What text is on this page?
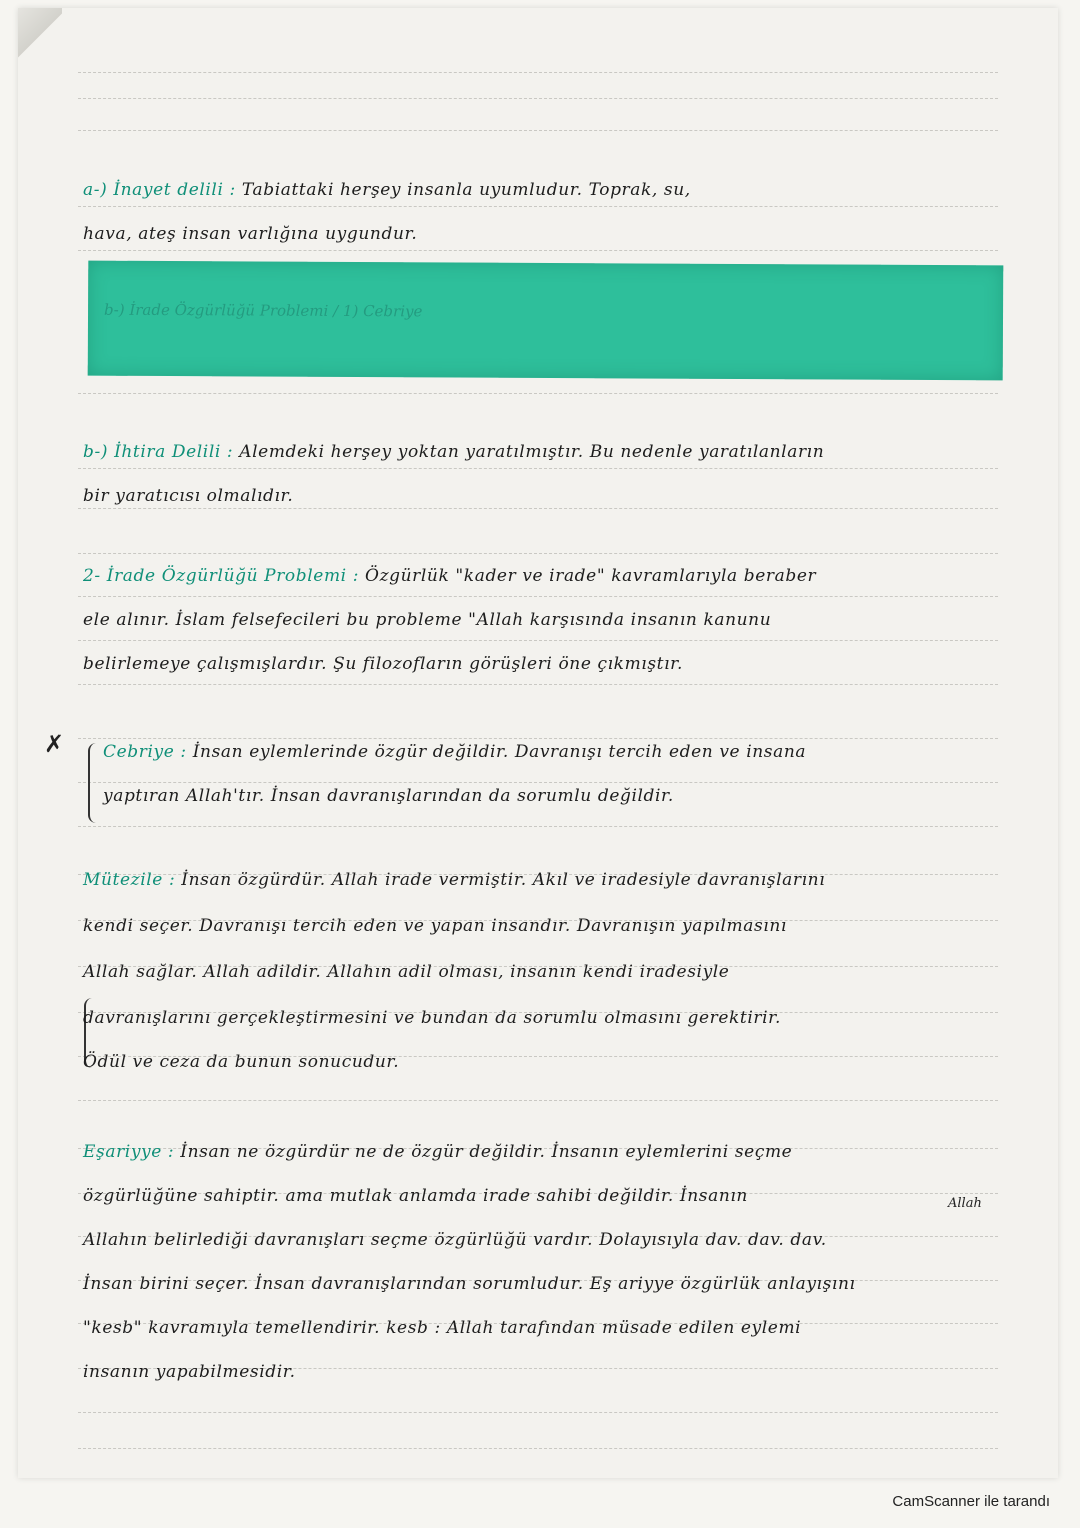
a-) İnayet delili : Tabiattaki herşey insanla uyumludur. Toprak, su,
hava, ateş insan varlığına uygundur.
b-) İrade Özgürlüğü Problemi / 1) Cebriye
b-) İhtira Delili : Alemdeki herşey yoktan yaratılmıştır. Bu nedenle yaratılanların
bir yaratıcısı olmalıdır.
2- İrade Özgürlüğü Problemi : Özgürlük "kader ve irade" kavramlarıyla beraber
ele alınır. İslam felsefecileri bu probleme "Allah karşısında insanın kanunu
belirlemeye çalışmışlardır. Şu filozofların görüşleri öne çıkmıştır.
✗ Cebriye : İnsan eylemlerinde özgür değildir. Davranışı tercih eden ve insana
yaptıran Allah'tır. İnsan davranışlarından da sorumlu değildir.
Mütezile : İnsan özgürdür. Allah irade vermiştir. Akıl ve iradesiyle davranışlarını
kendi seçer. Davranışı tercih eden ve yapan insandır. Davranışın yapılmasını
Allah sağlar. Allah adildir. Allahın adil olması, insanın kendi iradesiyle
davranışlarını gerçekleştirmesini ve bundan da sorumlu olmasını gerektirir.
Ödül ve ceza da bunun sonucudur.
Eşariyye : İnsan ne özgürdür ne de özgür değildir. İnsanın eylemlerini seçme
özgürlüğüne sahiptir. ama mutlak anlamda irade sahibi değildir. İnsanın	Allah
Allahın belirlediği davranışları seçme özgürlüğü vardır. Dolayısıyla dav. dav. dav.
İnsan birini seçer. İnsan davranışlarından sorumludur. Eş ariyye özgürlük anlayışını
"kesb" kavramıyla temellendirir. kesb : Allah tarafından müsade edilen eylemi
insanın yapabilmesidir.
CamScanner ile tarandı
